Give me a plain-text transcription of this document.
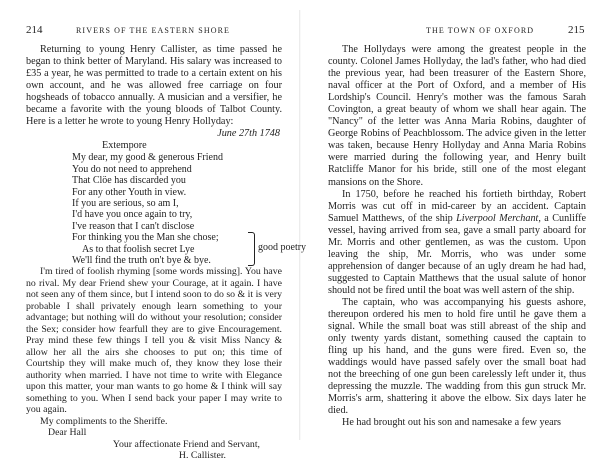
214	RIVERS OF THE EASTERN SHORE

Returning to young Henry Callister, as time passed he began to think better of Maryland. His salary was increased to £35 a year, he was permitted to trade to a certain extent on his own account, and he was allowed free carriage on four hogsheads of tobacco annually. A musician and a versifier, he became a favorite with the young bloods of Talbot County. Here is a letter he wrote to young Henry Hollyday:

June 27th 1748
Extempore
My dear, my good & generous Friend
You do not need to apprehend
That Clöe has discarded you
For any other Youth in view.
If you are serious, so am I,
I'd have you once again to try,
I've reason that I can't disclose
For thinking you the Man she chose;
As to that foolish secret Lye
We'll find the truth on't bye & bye.
good poetry

I'm tired of foolish rhyming [some words missing]. You have no rival. My dear Friend shew your Courage, at it again. I have not seen any of them since, but I intend soon to do so & it is very probable I shall privately enough learn something to your advantage; but nothing will do without your resolution; consider the Sex; consider how fearfull they are to give Encouragement. Pray mind these few things I tell you & visit Miss Nancy & allow her all the airs she chooses to put on; this time of Courtship they will make much of, they know they lose their authority when married. I have not time to write with Elegance upon this matter, your man wants to go home & I think will say something to you. When I send back your paper I may write to you again.

My compliments to the Sheriffe.
Dear Hall
Your affectionate Friend and Servant,
H. Callister.
THE TOWN OF OXFORD	215

The Hollydays were among the greatest people in the county. Colonel James Hollyday, the lad's father, who had died the previous year, had been treasurer of the Eastern Shore, naval officer at the Port of Oxford, and a member of His Lordship's Council. Henry's mother was the famous Sarah Covington, a great beauty of whom we shall hear again. The "Nancy" of the letter was Anna Maria Robins, daughter of George Robins of Peachblossom. The advice given in the letter was taken, because Henry Hollyday and Anna Maria Robins were married during the following year, and Henry built Ratcliffe Manor for his bride, still one of the most elegant mansions on the Shore.

In 1750, before he reached his fortieth birthday, Robert Morris was cut off in mid-career by an accident. Captain Samuel Matthews, of the ship Liverpool Merchant, a Cunliffe vessel, having arrived from sea, gave a small party aboard for Mr. Morris and other gentlemen, as was the custom. Upon leaving the ship, Mr. Morris, who was under some apprehension of danger because of an ugly dream he had had, suggested to Captain Matthews that the usual salute of honor should not be fired until the boat was well astern of the ship.

The captain, who was accompanying his guests ashore, thereupon ordered his men to hold fire until he gave them a signal. While the small boat was still abreast of the ship and only twenty yards distant, something caused the captain to fling up his hand, and the guns were fired. Even so, the waddings would have passed safely over the small boat had not the breeching of one gun been carelessly left under it, thus depressing the muzzle. The wadding from this gun struck Mr. Morris's arm, shattering it above the elbow. Six days later he died.

He had brought out his son and namesake a few years
